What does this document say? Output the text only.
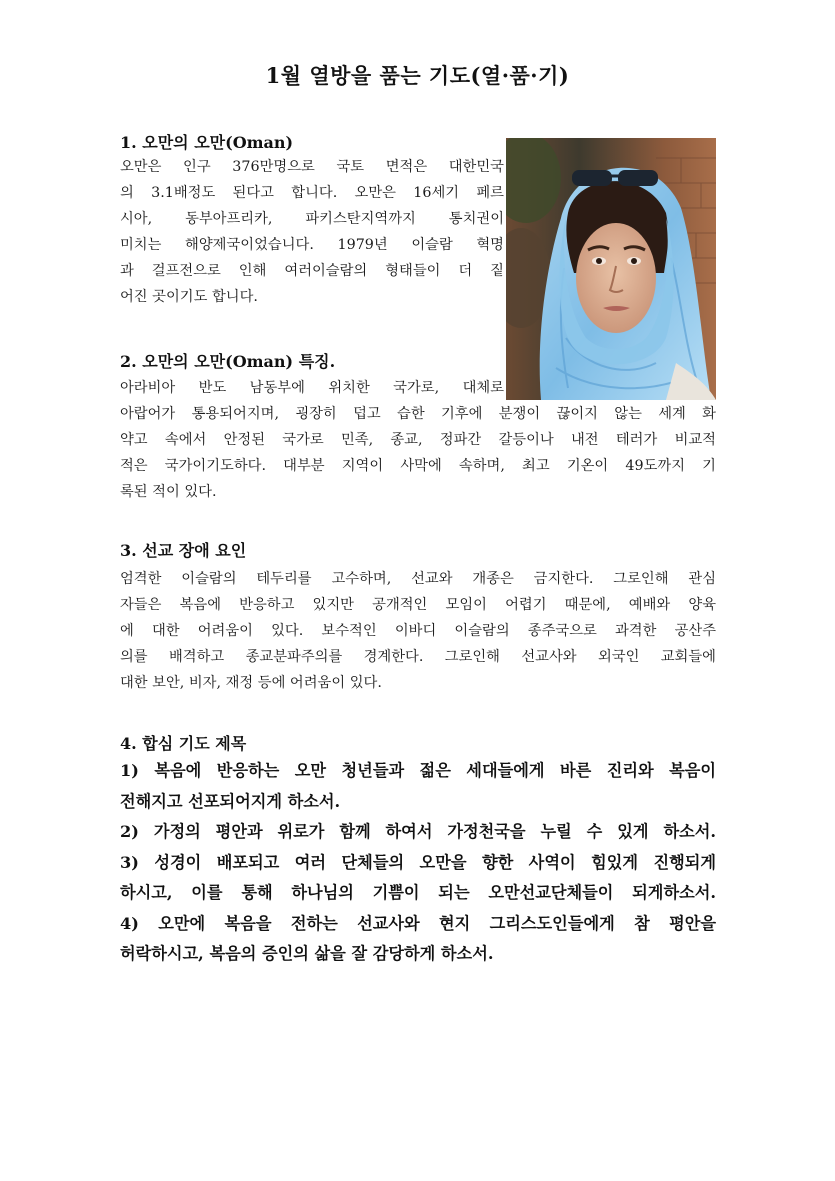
1월 열방을 품는 기도(열·품·기)
1. 오만의 오만(Oman)
오만은 인구 376만명으로 국토 면적은 대한민국
의 3.1배정도 된다고 합니다. 오만은 16세기 페르
시아, 동부아프리카, 파키스탄지역까지 통치권이
미치는 해양제국이었습니다. 1979년 이슬람 혁명
과 걸프전으로 인해 여러이슬람의 형태들이 더 짙
어진 곳이기도 합니다.
2. 오만의 오만(Oman) 특징.
아라비아 반도 남동부에 위치한 국가로, 대체로
아랍어가 통용되어지며, 굉장히 덥고 습한 기후에 분쟁이 끊이지 않는 세계 화
약고 속에서 안정된 국가로 민족, 종교, 정파간 갈등이나 내전 테러가 비교적
적은 국가이기도하다. 대부분 지역이 사막에 속하며, 최고 기온이 49도까지 기
록된 적이 있다.
3. 선교 장애 요인
엄격한 이슬람의 테두리를 고수하며, 선교와 개종은 금지한다. 그로인해 관심
자들은 복음에 반응하고 있지만 공개적인 모임이 어렵기 때문에, 예배와 양육
에 대한 어려움이 있다. 보수적인 이바디 이슬람의 종주국으로 과격한 공산주
의를 배격하고 종교분파주의를 경계한다. 그로인해 선교사와 외국인 교회들에
대한 보안, 비자, 재정 등에 어려움이 있다.
4. 합심 기도 제목
1) 복음에 반응하는 오만 청년들과 젊은 세대들에게 바른 진리와 복음이
전해지고 선포되어지게 하소서.
2) 가정의 평안과 위로가 함께 하여서 가정천국을 누릴 수 있게 하소서.
3) 성경이 배포되고 여러 단체들의 오만을 향한 사역이 힘있게 진행되게
하시고, 이를 통해 하나님의 기쁨이 되는 오만선교단체들이 되게하소서.
4) 오만에 복음을 전하는 선교사와 현지 그리스도인들에게 참 평안을
허락하시고, 복음의 증인의 삶을 잘 감당하게 하소서.
